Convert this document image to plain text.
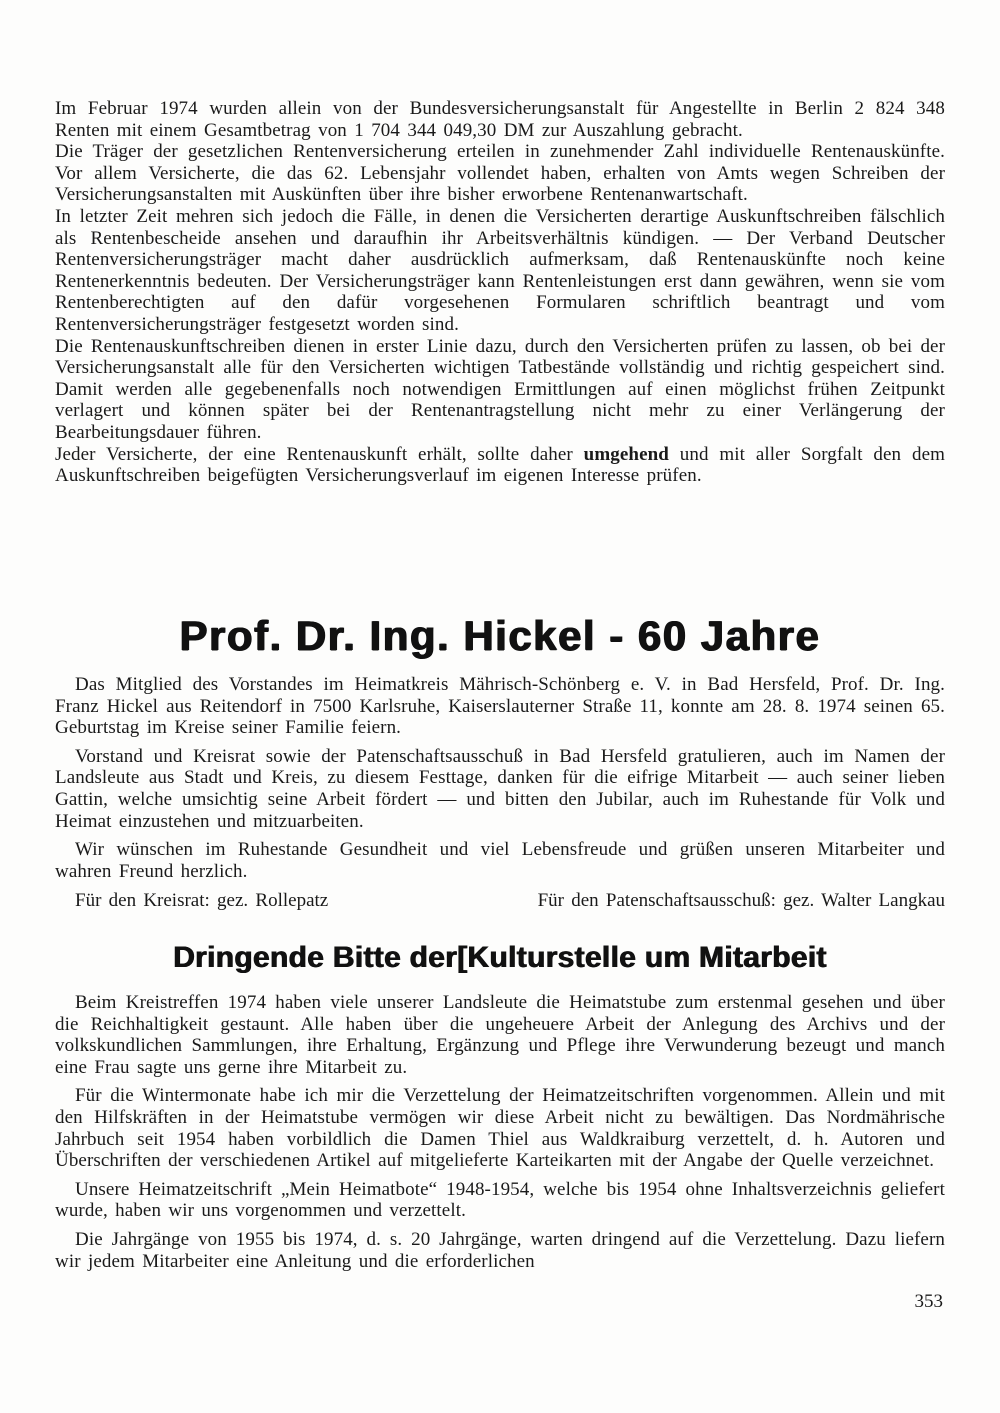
Im Februar 1974 wurden allein von der Bundesversicherungsanstalt für Angestellte in Berlin 2 824 348 Renten mit einem Gesamtbetrag von 1 704 344 049,30 DM zur Auszahlung gebracht.

Die Träger der gesetzlichen Rentenversicherung erteilen in zunehmender Zahl individuelle Rentenauskünfte. Vor allem Versicherte, die das 62. Lebensjahr vollendet haben, erhalten von Amts wegen Schreiben der Versicherungsanstalten mit Auskünften über ihre bisher erworbene Rentenanwartschaft.

In letzter Zeit mehren sich jedoch die Fälle, in denen die Versicherten derartige Auskunftschreiben fälschlich als Rentenbescheide ansehen und daraufhin ihr Arbeitsverhältnis kündigen. — Der Verband Deutscher Rentenversicherungsträger macht daher ausdrücklich aufmerksam, daß Rentenauskünfte noch keine Rentenerkenntnis bedeuten. Der Versicherungsträger kann Rentenleistungen erst dann gewähren, wenn sie vom Rentenberechtigten auf den dafür vorgesehenen Formularen schriftlich beantragt und vom Rentenversicherungsträger festgesetzt worden sind.

Die Rentenauskunftschreiben dienen in erster Linie dazu, durch den Versicherten prüfen zu lassen, ob bei der Versicherungsanstalt alle für den Versicherten wichtigen Tatbestände vollständig und richtig gespeichert sind. Damit werden alle gegebenenfalls noch notwendigen Ermittlungen auf einen möglichst frühen Zeitpunkt verlagert und können später bei der Rentenantragstellung nicht mehr zu einer Verlängerung der Bearbeitungsdauer führen.

Jeder Versicherte, der eine Rentenauskunft erhält, sollte daher umgehend und mit aller Sorgfalt den dem Auskunftschreiben beigefügten Versicherungsverlauf im eigenen Interesse prüfen.

Prof. Dr. Ing. Hickel - 60 Jahre

Das Mitglied des Vorstandes im Heimatkreis Mährisch-Schönberg e. V. in Bad Hersfeld, Prof. Dr. Ing. Franz Hickel aus Reitendorf in 7500 Karlsruhe, Kaiserslauterner Straße 11, konnte am 28. 8. 1974 seinen 65. Geburtstag im Kreise seiner Familie feiern.

Vorstand und Kreisrat sowie der Patenschaftsausschuß in Bad Hersfeld gratulieren, auch im Namen der Landsleute aus Stadt und Kreis, zu diesem Festtage, danken für die eifrige Mitarbeit — auch seiner lieben Gattin, welche umsichtig seine Arbeit fördert — und bitten den Jubilar, auch im Ruhestande für Volk und Heimat einzustehen und mitzuarbeiten.

Wir wünschen im Ruhestande Gesundheit und viel Lebensfreude und grüßen unseren Mitarbeiter und wahren Freund herzlich.

Für den Kreisrat: gez. Rollepatz	Für den Patenschaftsausschuß: gez. Walter Langkau
Dringende Bitte der[Kulturstelle um Mitarbeit

Beim Kreistreffen 1974 haben viele unserer Landsleute die Heimatstube zum erstenmal gesehen und über die Reichhaltigkeit gestaunt. Alle haben über die ungeheuere Arbeit der Anlegung des Archivs und der volkskundlichen Sammlungen, ihre Erhaltung, Ergänzung und Pflege ihre Verwunderung bezeugt und manch eine Frau sagte uns gerne ihre Mitarbeit zu.

Für die Wintermonate habe ich mir die Verzettelung der Heimatzeitschriften vorgenommen. Allein und mit den Hilfskräften in der Heimatstube vermögen wir diese Arbeit nicht zu bewältigen. Das Nordmährische Jahrbuch seit 1954 haben vorbildlich die Damen Thiel aus Waldkraiburg verzettelt, d. h. Autoren und Überschriften der verschiedenen Artikel auf mitgelieferte Karteikarten mit der Angabe der Quelle verzeichnet.

Unsere Heimatzeitschrift „Mein Heimatbote“ 1948-1954, welche bis 1954 ohne Inhaltsverzeichnis geliefert wurde, haben wir uns vorgenommen und verzettelt.

Die Jahrgänge von 1955 bis 1974, d. s. 20 Jahrgänge, warten dringend auf die Verzettelung. Dazu liefern wir jedem Mitarbeiter eine Anleitung und die erforderlichen

353
